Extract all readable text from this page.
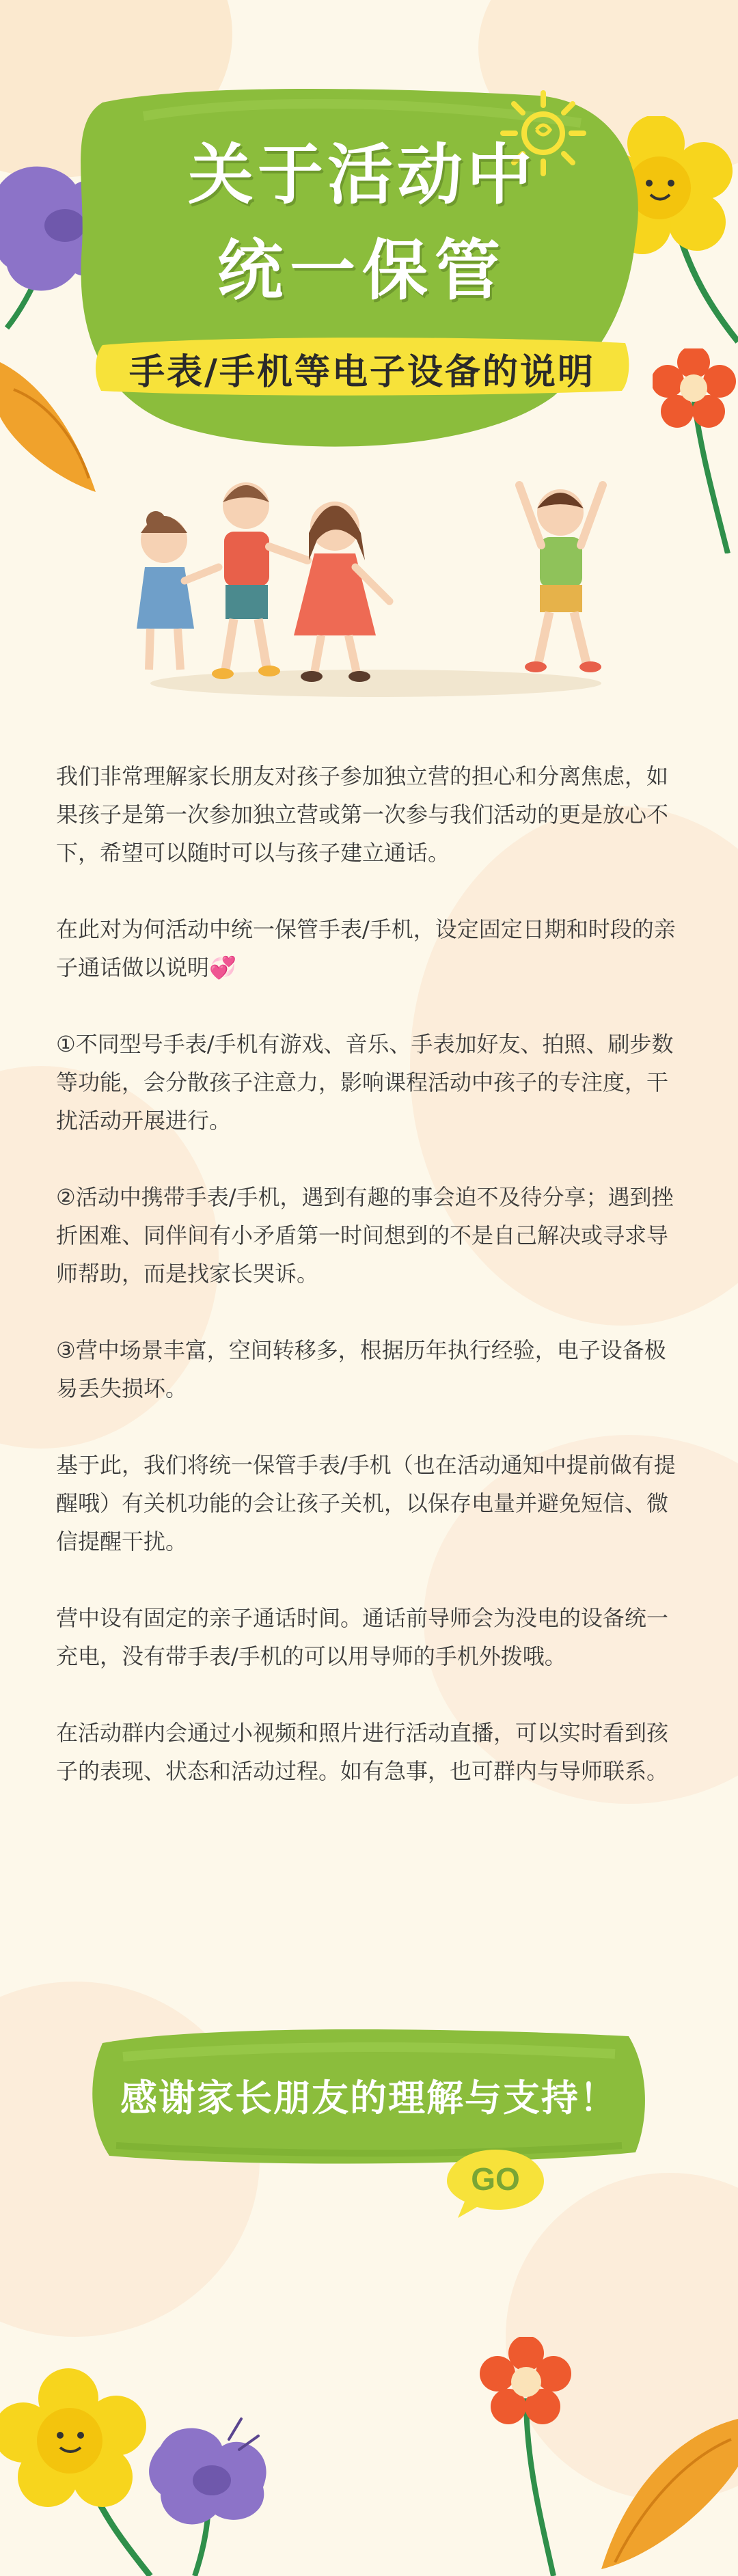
关于活动中
统一保管
手表/手机等电子设备的说明

我们非常理解家长朋友对孩子参加独立营的担心和分离焦虑，如果孩子是第一次参加独立营或第一次参与我们活动的更是放心不下，希望可以随时可以与孩子建立通话。

在此对为何活动中统一保管手表/手机，设定固定日期和时段的亲子通话做以说明💞

①不同型号手表/手机有游戏、音乐、手表加好友、拍照、刷步数等功能，会分散孩子注意力，影响课程活动中孩子的专注度，干扰活动开展进行。

②活动中携带手表/手机，遇到有趣的事会迫不及待分享；遇到挫折困难、同伴间有小矛盾第一时间想到的不是自己解决或寻求导师帮助，而是找家长哭诉。

③营中场景丰富，空间转移多，根据历年执行经验，电子设备极易丢失损坏。

基于此，我们将统一保管手表/手机（也在活动通知中提前做有提醒哦）有关机功能的会让孩子关机，以保存电量并避免短信、微信提醒干扰。

营中设有固定的亲子通话时间。通话前导师会为没电的设备统一充电，没有带手表/手机的可以用导师的手机外拨哦。

在活动群内会通过小视频和照片进行活动直播，可以实时看到孩子的表现、状态和活动过程。如有急事，也可群内与导师联系。

感谢家长朋友的理解与支持！
GO
